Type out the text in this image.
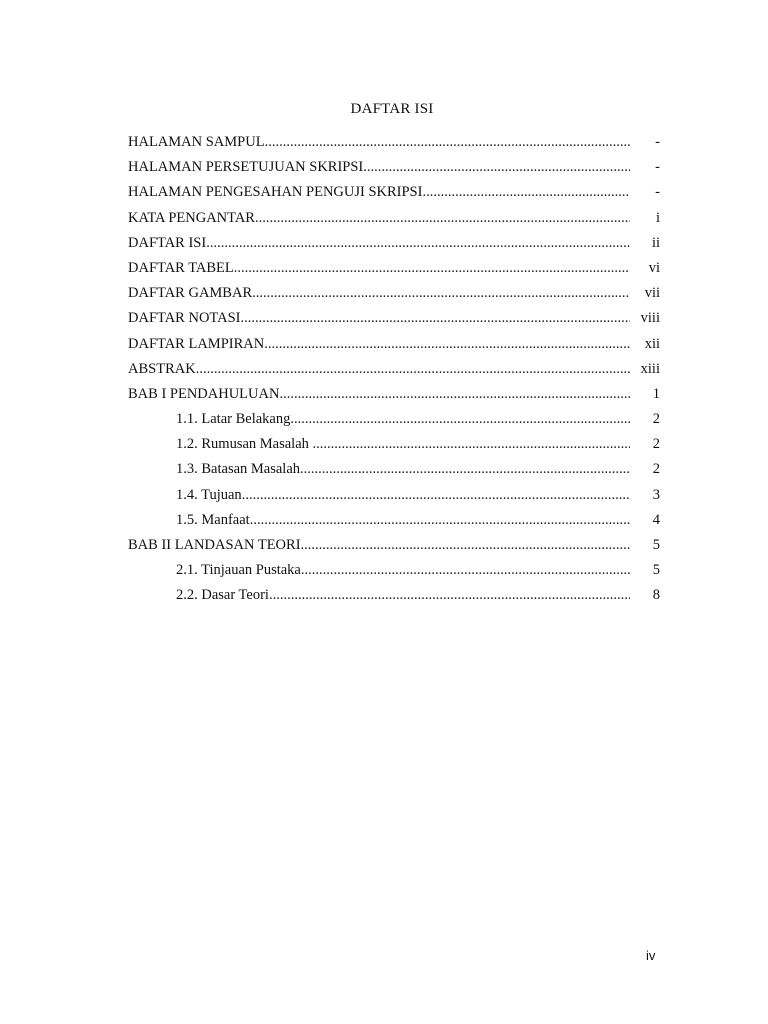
DAFTAR ISI
HALAMAN SAMPUL .....	-
HALAMAN PERSETUJUAN SKRIPSI .....	-
HALAMAN PENGESAHAN PENGUJI SKRIPSI .....	-
KATA PENGANTAR .....	i
DAFTAR ISI .....	ii
DAFTAR TABEL .....	vi
DAFTAR GAMBAR .....	vii
DAFTAR NOTASI .....	viii
DAFTAR LAMPIRAN .....	xii
ABSTRAK .....	xiii
BAB I PENDAHULUAN .....	1
1.1. Latar Belakang .....	2
1.2. Rumusan Masalah .....	2
1.3. Batasan Masalah .....	2
1.4. Tujuan .....	3
1.5. Manfaat .....	4
BAB II LANDASAN TEORI .....	5
2.1. Tinjauan Pustaka .....	5
2.2. Dasar Teori .....	8
iv
